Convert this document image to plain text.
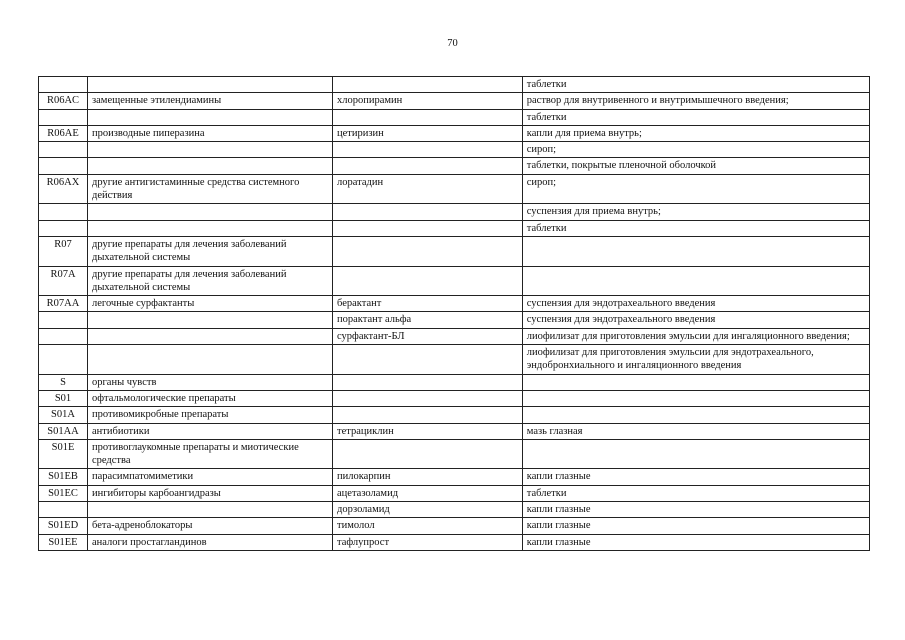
70
			таблетки
R06AC	замещенные этилендиамины	хлоропирамин	раствор для внутривенного и внутримышечного введения;
			таблетки
R06AE	производные пиперазина	цетиризин	капли для приема внутрь;
			сироп;
			таблетки, покрытые пленочной оболочкой
R06AX	другие антигистаминные средства системного действия	лоратадин	сироп;
			суспензия для приема внутрь;
			таблетки
R07	другие препараты для лечения заболеваний дыхательной системы		
R07A	другие препараты для лечения заболеваний дыхательной системы		
R07AA	легочные сурфактанты	берактант	суспензия для эндотрахеального введения
		порактант альфа	суспензия для эндотрахеального введения
		сурфактант-БЛ	лиофилизат для приготовления эмульсии для ингаляционного введения;
			лиофилизат для приготовления эмульсии для эндотрахеального, эндобронхиального и ингаляционного введения
S	органы чувств		
S01	офтальмологические препараты		
S01A	противомикробные препараты		
S01AA	антибиотики	тетрациклин	мазь глазная
S01E	противоглаукомные препараты и миотические средства		
S01EB	парасимпатомиметики	пилокарпин	капли глазные
S01EC	ингибиторы карбоангидразы	ацетазоламид	таблетки
		дорзоламид	капли глазные
S01ED	бета-адреноблокаторы	тимолол	капли глазные
S01EE	аналоги простагландинов	тафлупрост	капли глазные
